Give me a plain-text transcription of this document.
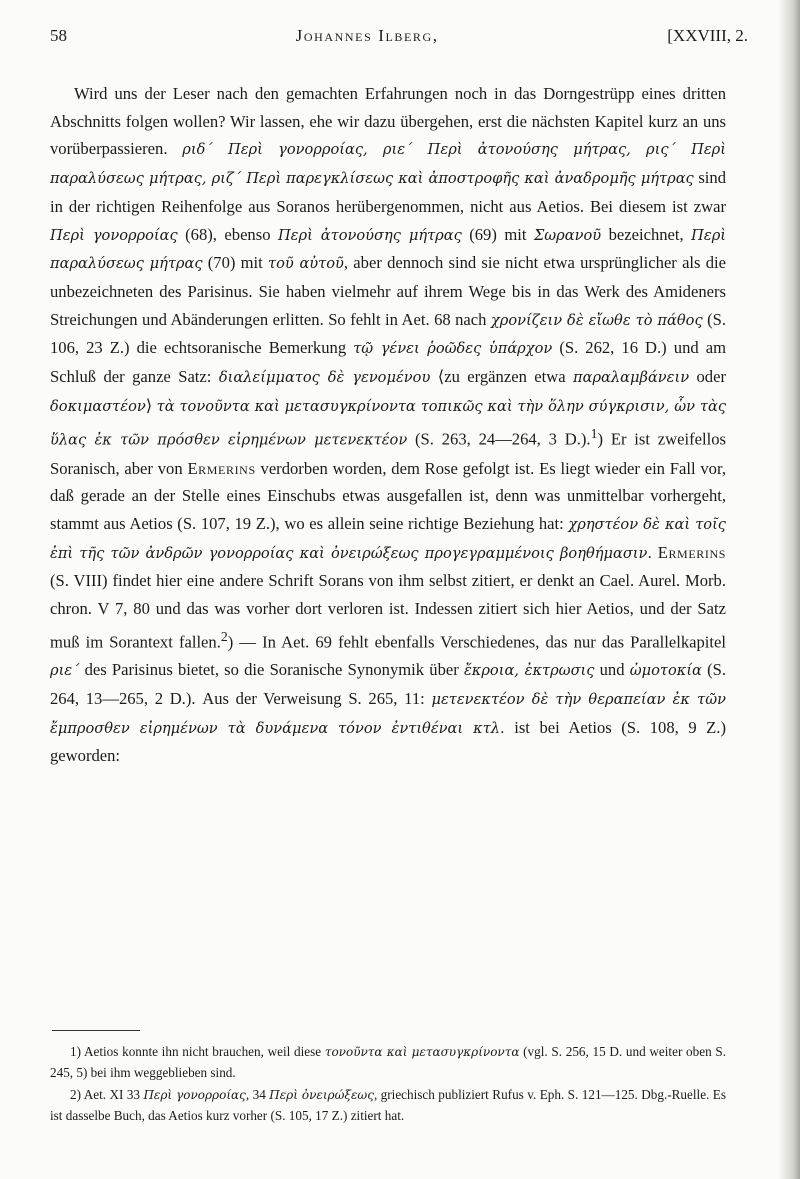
58	Johannes Ilberg,	[XXVIII, 2.

Wird uns der Leser nach den gemachten Erfahrungen noch in das Dorngestrüpp eines dritten Abschnitts folgen wollen? Wir lassen, ehe wir dazu übergehen, erst die nächsten Kapitel kurz an uns vorüberpassieren. ριδ΄ Περὶ γονορροίας, ριε΄ Περὶ ἀτονούσης μήτρας, ρις΄ Περὶ παραλύσεως μήτρας, ριζ΄ Περὶ παρεγκλίσεως καὶ ἀποστροφῆς καὶ ἀναδρομῆς μήτρας sind in der richtigen Reihenfolge aus Soranos herübergenommen, nicht aus Aetios. Bei diesem ist zwar Περὶ γονορροίας (68), ebenso Περὶ ἀτονούσης μήτρας (69) mit Σωρανοῦ bezeichnet, Περὶ παραλύσεως μήτρας (70) mit τοῦ αὐτοῦ, aber dennoch sind sie nicht etwa ursprünglicher als die unbezeichneten des Parisinus. Sie haben vielmehr auf ihrem Wege bis in das Werk des Amideners Streichungen und Abänderungen erlitten. So fehlt in Aet. 68 nach χρονίζειν δὲ εἴωθε τὸ πάθος (S. 106, 23 Z.) die echtsoranische Bemerkung τῷ γένει ῥοῶδες ὑπάρχον (S. 262, 16 D.) und am Schluß der ganze Satz: διαλείμματος δὲ γενομένου ⟨zu ergänzen etwa παραλαμβάνειν oder δοκιμαστέον⟩ τὰ τονοῦντα καὶ μετασυγκρίνοντα τοπικῶς καὶ τὴν ὅλην σύγκρισιν, ὧν τὰς ὕλας ἐκ τῶν πρόσθεν εἰρημένων μετενεκτέον (S. 263, 24—264, 3 D.).$^1$) Er ist zweifellos Soranisch, aber von Ermerins verdorben worden, dem Rose gefolgt ist. Es liegt wieder ein Fall vor, daß gerade an der Stelle eines Einschubs etwas ausgefallen ist, denn was unmittelbar vorhergeht, stammt aus Aetios (S. 107, 19 Z.), wo es allein seine richtige Beziehung hat: χρηστέον δὲ καὶ τοῖς ἐπὶ τῆς τῶν ἀνδρῶν γονορροίας καὶ ὀνειρώξεως προγεγραμμένοις βοηθήμασιν. Ermerins (S. VIII) findet hier eine andere Schrift Sorans von ihm selbst zitiert, er denkt an Cael. Aurel. Morb. chron. V 7, 80 und das was vorher dort verloren ist. Indessen zitiert sich hier Aetios, und der Satz muß im Sorantext fallen.$^2$) — In Aet. 69 fehlt ebenfalls Verschiedenes, das nur das Parallelkapitel ριε΄ des Parisinus bietet, so die Soranische Synonymik über ἔκροια, ἐκτρωσις und ὠμοτοκία (S. 264, 13—265, 2 D.). Aus der Verweisung S. 265, 11: μετενεκτέον δὲ τὴν θεραπείαν ἐκ τῶν ἔμπροσθεν εἰρημένων τὰ δυνάμενα τόνον ἐντιθέναι κτλ. ist bei Aetios (S. 108, 9 Z.) geworden:

1) Aetios konnte ihn nicht brauchen, weil diese τονοῦντα καὶ μετασυγκρίνοντα (vgl. S. 256, 15 D. und weiter oben S. 245, 5) bei ihm weggeblieben sind.

2) Aet. XI 33 Περὶ γονορροίας, 34 Περὶ ὀνειρώξεως, griechisch publiziert Rufus v. Eph. S. 121—125. Dbg.-Ruelle. Es ist dasselbe Buch, das Aetios kurz vorher (S. 105, 17 Z.) zitiert hat.
